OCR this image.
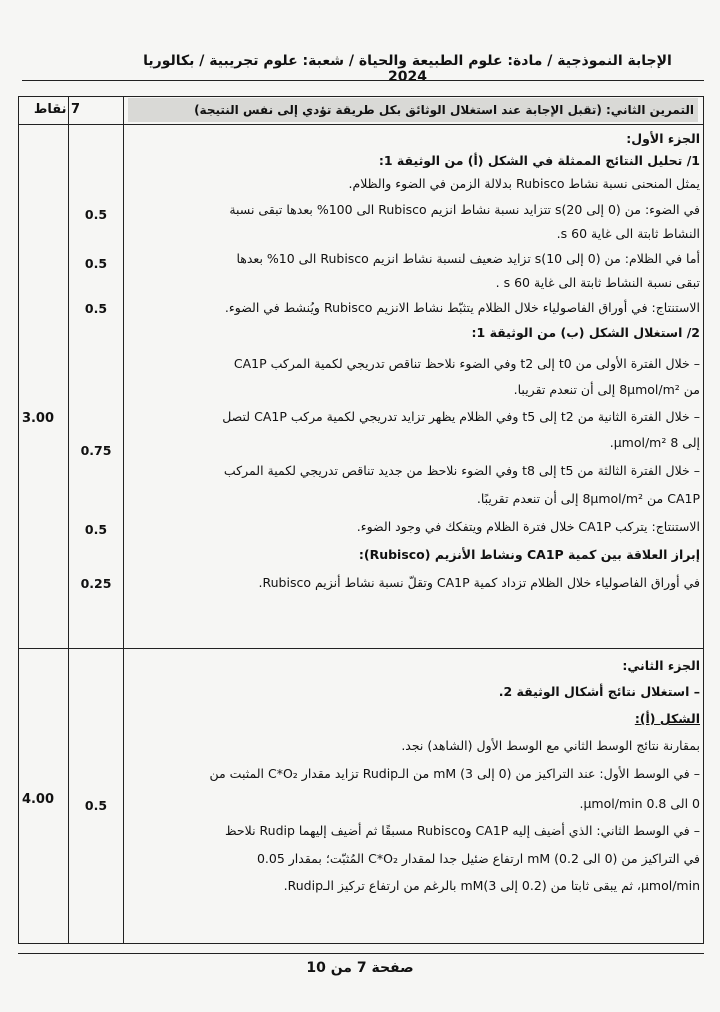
الإجابة النموذجية / مادة: علوم الطبيعة والحياة / شعبة: علوم تجريبية / بكالوريا 2024
7 نقاط	التمرين الثاني: (تقبل الإجابة عند استغلال الوثائق بكل طريقة تؤدي إلى نفس النتيجة)
الجزء الأول:
1/ تحليل النتائج الممثلة في الشكل (أ) من الوثيقة 1:
يمثل المنحنى نسبة نشاط Rubisco بدلالة الزمن في الضوء والظلام.
في الضوء: من (0 إلى 20)s تتزايد نسبة نشاط انزيم Rubisco الى 100% بعدها تبقى نسبة
النشاط ثابتة الى غاية 60 s.
أما في الظلام: من (0 إلى 10)s تزايد ضعيف لنسبة نشاط انزيم Rubisco الى 10% بعدها
تبقى نسبة النشاط ثابتة الى غاية 60 s .
الاستنتاج: في أوراق الفاصولياء خلال الظلام يتثبّط نشاط الانزيم Rubisco ويُنشط في الضوء.
2/ استغلال الشكل (ب) من الوثيقة 1:
– خلال الفترة الأولى من t0 إلى t2 وفي الضوء نلاحظ تناقص تدريجي لكمية المركب CA1P
من 8µmol/m² إلى أن تنعدم تقريبا.
– خلال الفترة الثانية من t2 إلى t5 وفي الظلام يظهر تزايد تدريجي لكمية مركب CA1P لتصل
إلى 8 µmol/m².
– خلال الفترة الثالثة من t5 إلى t8 وفي الضوء نلاحظ من جديد تناقص تدريجي لكمية المركب
CA1P من 8µmol/m² إلى أن تنعدم تقريبًا.
الاستنتاج: يتركب CA1P خلال فترة الظلام ويتفكك في وجود الضوء.
إبراز العلاقة بين كمية CA1P ونشاط الأنزيم (Rubisco):
في أوراق الفاصولياء خلال الظلام تزداد كمية CA1P وتقلّ نسبة نشاط أنزيم Rubisco.
الجزء الثاني:
– استغلال نتائج أشكال الوثيقة 2.
الشكل (أ):
بمقارنة نتائج الوسط الثاني مع الوسط الأول (الشاهد) نجد.
– في الوسط الأول: عند التراكيز من (0 إلى 3) mM من الـRudip تزايد مقدار C*O₂ المثبت من
0 الى 0.8 µmol/min.
– في الوسط الثاني: الذي أضيف إليه CA1P وRubisco مسبقًا ثم أضيف إليهما Rudip نلاحظ
في التراكيز من (0 الى 0.2) mM ارتفاع ضئيل جدا لمقدار C*O₂ المُثبّت؛ بمقدار 0.05
µmol/min، ثم يبقى ثابتا من (0.2 إلى 3)mM بالرغم من ارتفاع تركيز الـRudip.
0.5
0.5
0.5
0.75
0.5
0.25
0.5
3.00
4.00
صفحة 7 من 10
